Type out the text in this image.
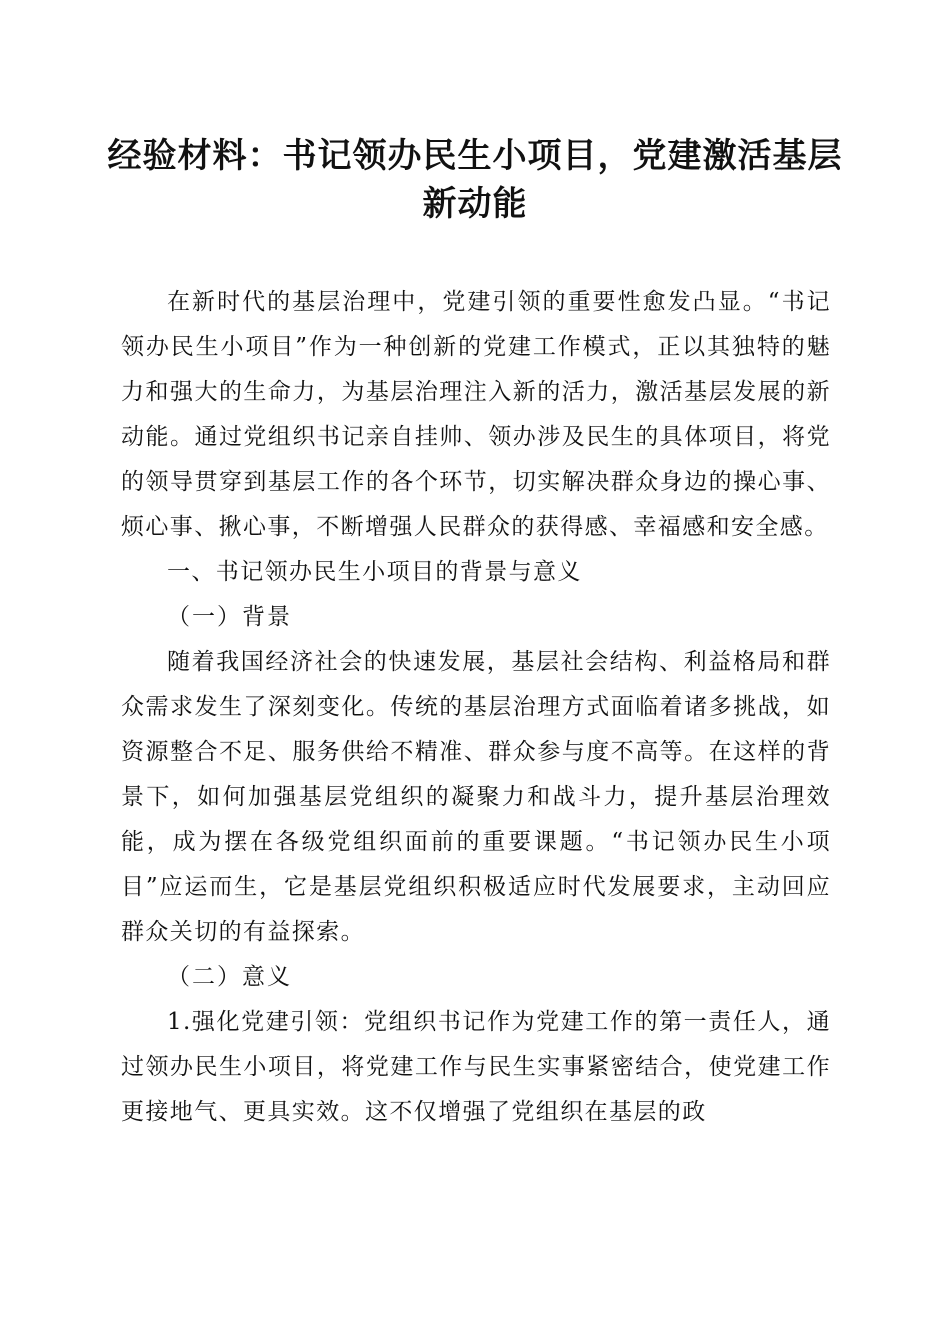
经验材料：书记领办民生小项目，党建激活基层新动能

在新时代的基层治理中，党建引领的重要性愈发凸显。“书记领办民生小项目”作为一种创新的党建工作模式，正以其独特的魅力和强大的生命力，为基层治理注入新的活力，激活基层发展的新动能。通过党组织书记亲自挂帅、领办涉及民生的具体项目，将党的领导贯穿到基层工作的各个环节，切实解决群众身边的操心事、烦心事、揪心事，不断增强人民群众的获得感、幸福感和安全感。

一、书记领办民生小项目的背景与意义

（一）背景

随着我国经济社会的快速发展，基层社会结构、利益格局和群众需求发生了深刻变化。传统的基层治理方式面临着诸多挑战，如资源整合不足、服务供给不精准、群众参与度不高等。在这样的背景下，如何加强基层党组织的凝聚力和战斗力，提升基层治理效能，成为摆在各级党组织面前的重要课题。“书记领办民生小项目”应运而生，它是基层党组织积极适应时代发展要求，主动回应群众关切的有益探索。

（二）意义

1.强化党建引领：党组织书记作为党建工作的第一责任人，通过领办民生小项目，将党建工作与民生实事紧密结合，使党建工作更接地气、更具实效。这不仅增强了党组织在基层的政
